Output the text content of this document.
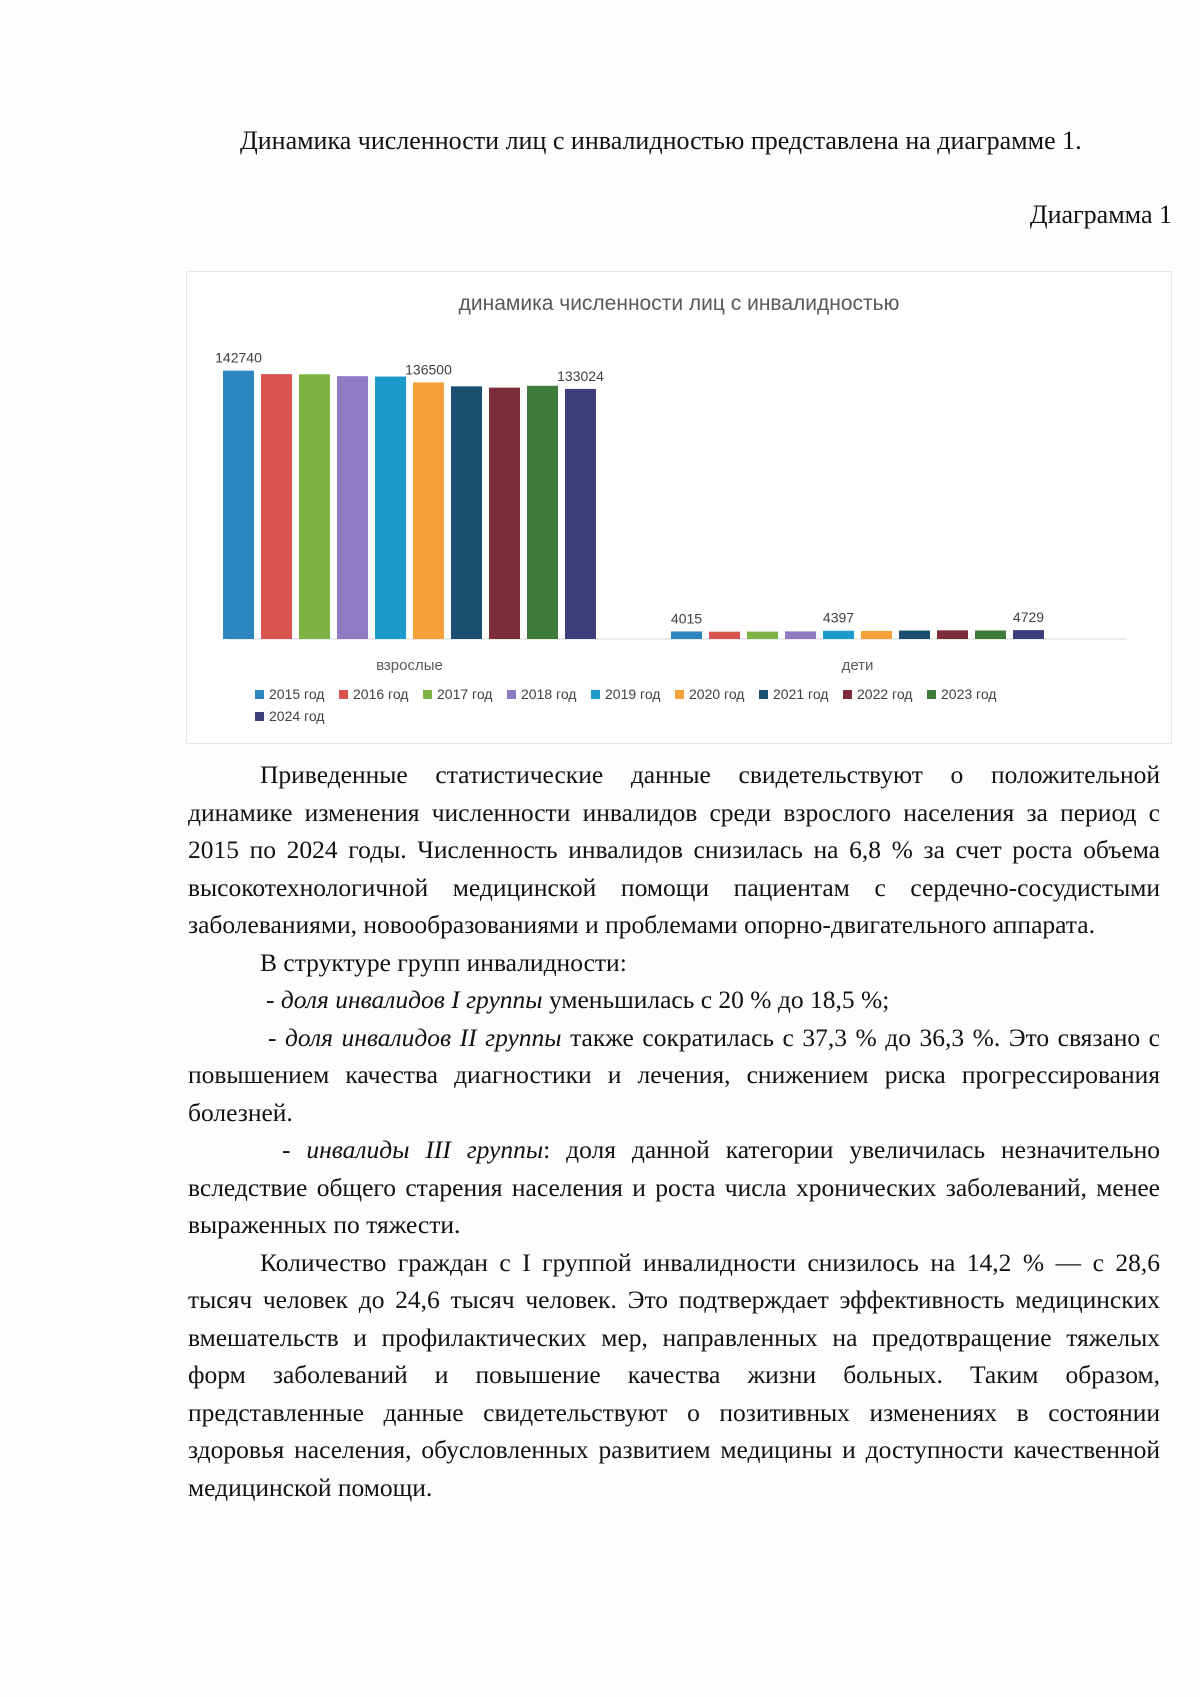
Динамика численности лиц с инвалидностью представлена на диаграмме 1.
Диаграмма 1
динамика численности лиц с инвалидностью
142740
136500	133024
4015	4397	4729
взрослые	дети
2015 год 2016 год 2017 год 2018 год 2019 год 2020 год 2021 год 2022 год 2023 год
2024 год

Приведенные статистические данные свидетельствуют о положительной динамике изменения численности инвалидов среди взрослого населения за период с 2015 по 2024 годы. Численность инвалидов снизилась на 6,8 % за счет роста объема высокотехнологичной медицинской помощи пациентам с сердечно-сосудистыми заболеваниями, новообразованиями и проблемами опорно-двигательного аппарата.

В структуре групп инвалидности:

- доля инвалидов I группы уменьшилась с 20 % до 18,5 %;

- доля инвалидов II группы также сократилась с 37,3 % до 36,3 %. Это связано с повышением качества диагностики и лечения, снижением риска прогрессирования болезней.

- инвалиды III группы: доля данной категории увеличилась незначительно вследствие общего старения населения и роста числа хронических заболеваний, менее выраженных по тяжести.

Количество граждан с I группой инвалидности снизилось на 14,2 % — с 28,6 тысяч человек до 24,6 тысяч человек. Это подтверждает эффективность медицинских вмешательств и профилактических мер, направленных на предотвращение тяжелых форм заболеваний и повышение качества жизни больных. Таким образом, представленные данные свидетельствуют о позитивных изменениях в состоянии здоровья населения, обусловленных развитием медицины и доступности качественной медицинской помощи.
